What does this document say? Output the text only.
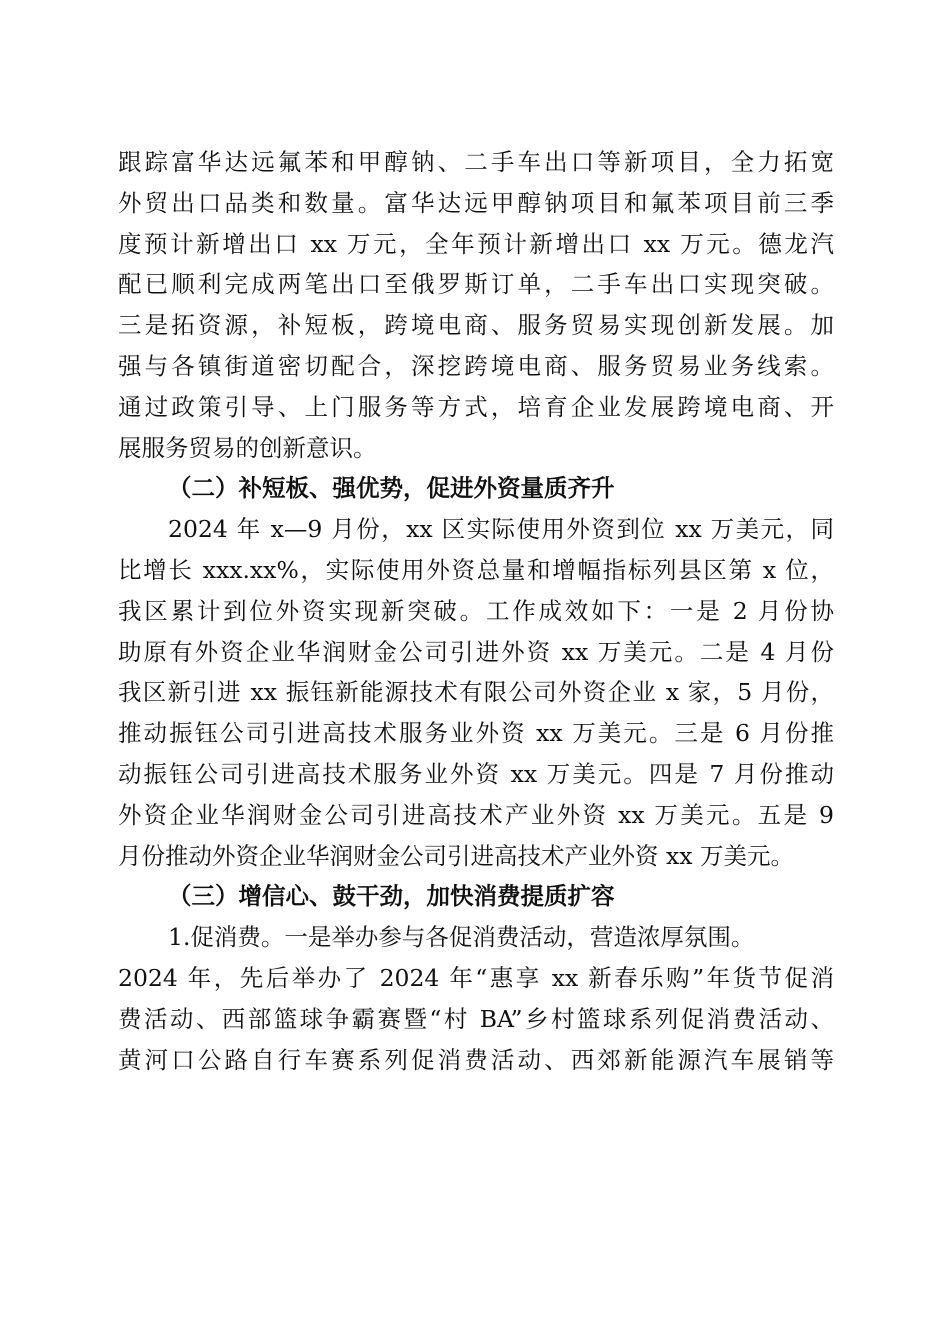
跟踪富华达远氟苯和甲醇钠、二手车出口等新项目，全力拓宽
外贸出口品类和数量。富华达远甲醇钠项目和氟苯项目前三季
度预计新增出口 xx 万元，全年预计新增出口 xx 万元。德龙汽
配已顺利完成两笔出口至俄罗斯订单，二手车出口实现突破。
三是拓资源，补短板，跨境电商、服务贸易实现创新发展。加
强与各镇街道密切配合，深挖跨境电商、服务贸易业务线索。
通过政策引导、上门服务等方式，培育企业发展跨境电商、开
展服务贸易的创新意识。
（二）补短板、强优势，促进外资量质齐升
2024 年 x—9 月份，xx 区实际使用外资到位 xx 万美元，同
比增长 xxx.xx%，实际使用外资总量和增幅指标列县区第 x 位，
我区累计到位外资实现新突破。工作成效如下：一是 2 月份协
助原有外资企业华润财金公司引进外资 xx 万美元。二是 4 月份
我区新引进 xx 振钰新能源技术有限公司外资企业 x 家，5 月份，
推动振钰公司引进高技术服务业外资 xx 万美元。三是 6 月份推
动振钰公司引进高技术服务业外资 xx 万美元。四是 7 月份推动
外资企业华润财金公司引进高技术产业外资 xx 万美元。五是 9
月份推动外资企业华润财金公司引进高技术产业外资 xx 万美元。
（三）增信心、鼓干劲，加快消费提质扩容
1.促消费。一是举办参与各促消费活动，营造浓厚氛围。
2024 年，先后举办了 2024 年“惠享 xx 新春乐购”年货节促消
费活动、西部篮球争霸赛暨“村 BA”乡村篮球系列促消费活动、
黄河口公路自行车赛系列促消费活动、西郊新能源汽车展销等
